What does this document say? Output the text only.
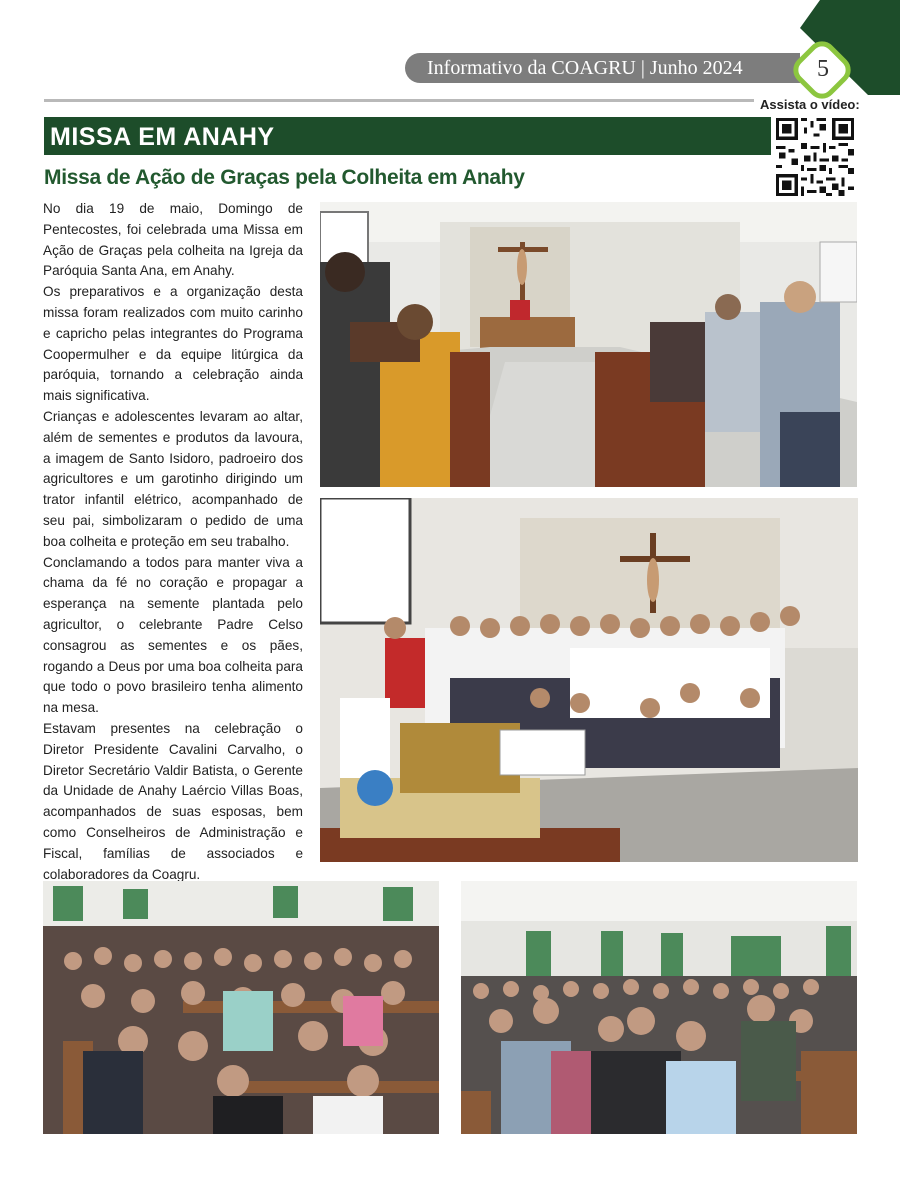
Informativo da COAGRU | Junho 2024	5
Assista o vídeo:
MISSA EM ANAHY
Missa de Ação de Graças pela Colheita em Anahy

No dia 19 de maio, Domingo de Pentecostes, foi celebrada uma Missa em Ação de Graças pela colheita na Igreja da Paróquia Santa Ana, em Anahy.

Os preparativos e a organização desta missa foram realizados com muito carinho e capricho pelas integrantes do Programa Coopermulher e da equipe litúrgica da paróquia, tornando a celebração ainda mais significativa.

Crianças e adolescentes levaram ao altar, além de sementes e produtos da lavoura, a imagem de Santo Isidoro, padroeiro dos agricultores e um garotinho dirigindo um trator infantil elétrico, acompanhado de seu pai, simbolizaram o pedido de uma boa colheita e proteção em seu trabalho.

Conclamando a todos para manter viva a chama da fé no coração e propagar a esperança na semente plantada pelo agricultor, o celebrante Padre Celso consagrou as sementes e os pães, rogando a Deus por uma boa colheita para que todo o povo brasileiro tenha alimento na mesa.

Estavam presentes na celebração o Diretor Presidente Cavalini Carvalho, o Diretor Secretário Valdir Batista, o Gerente da Unidade de Anahy Laércio Villas Boas, acompanhados de suas esposas, bem como Conselheiros de Administração e Fiscal, famílias de associados e colaboradores da Coagru.
